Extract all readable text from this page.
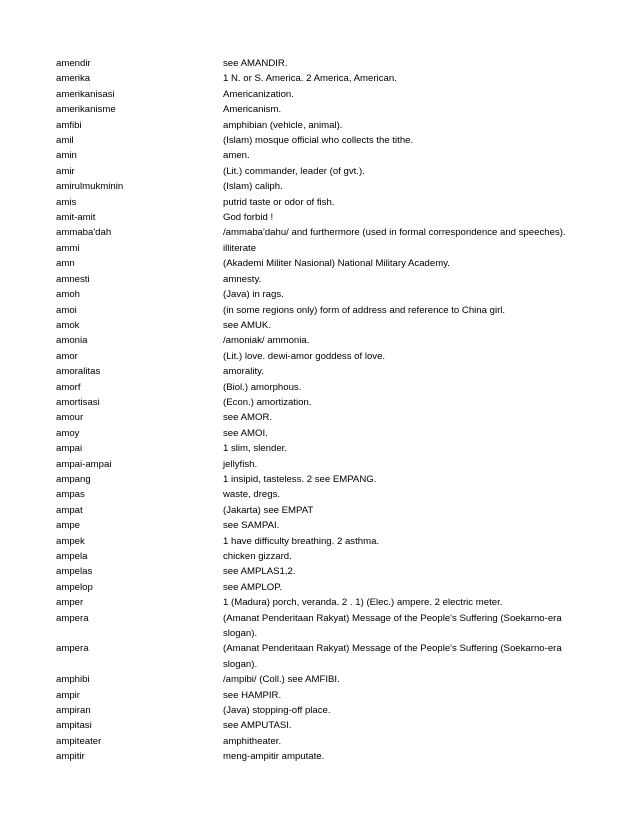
amendir	see AMANDIR.
amerika	1 N. or S. America. 2 America, American.
amerikanisasi	Americanization.
amerikanisme	Americanism.
amfibi	amphibian (vehicle, animal).
amil	(Islam) mosque official who collects the tithe.
amin	amen.
amir	(Lit.) commander, leader (of gvt.).
amirulmukminin	(Islam) caliph.
amis	putrid taste or odor of fish.
amit-amit	God forbid !
ammaba'dah	/ammaba'dahu/ and furthermore (used in formal correspondence and speeches).
ammi	illiterate
amn	(Akademi Militer Nasional) National Military Academy.
amnesti	amnesty.
amoh	(Java) in rags.
amoi	(in some regions only) form of address and reference to China girl.
amok	see AMUK.
amonia	/amoniak/ ammonia.
amor	(Lit.) love. dewi-amor goddess of love.
amoralitas	amorality.
amorf	(Biol.) amorphous.
amortisasi	(Econ.) amortization.
amour	see AMOR.
amoy	see AMOI.
ampai	1 slim, slender.
ampai-ampai	jellyfish.
ampang	1 insipid, tasteless. 2 see EMPANG.
ampas	waste, dregs.
ampat	(Jakarta) see EMPAT
ampe	see SAMPAI.
ampek	1 have difficulty breathing. 2 asthma.
ampela	chicken gizzard.
ampelas	see AMPLAS1,2.
ampelop	see AMPLOP.
amper	1 (Madura) porch, veranda. 2 . 1) (Elec.) ampere. 2 electric meter.
ampera	(Amanat Penderitaan Rakyat) Message of the People's Suffering (Soekarno-era slogan).
ampera	(Amanat Penderitaan Rakyat) Message of the People's Suffering (Soekarno-era slogan).
amphibi	/ampibi/ (Coll.) see AMFIBI.
ampir	see HAMPIR.
ampiran	(Java) stopping-off place.
ampitasi	see AMPUTASI.
ampiteater	amphitheater.
ampitir	meng-ampitir amputate.
